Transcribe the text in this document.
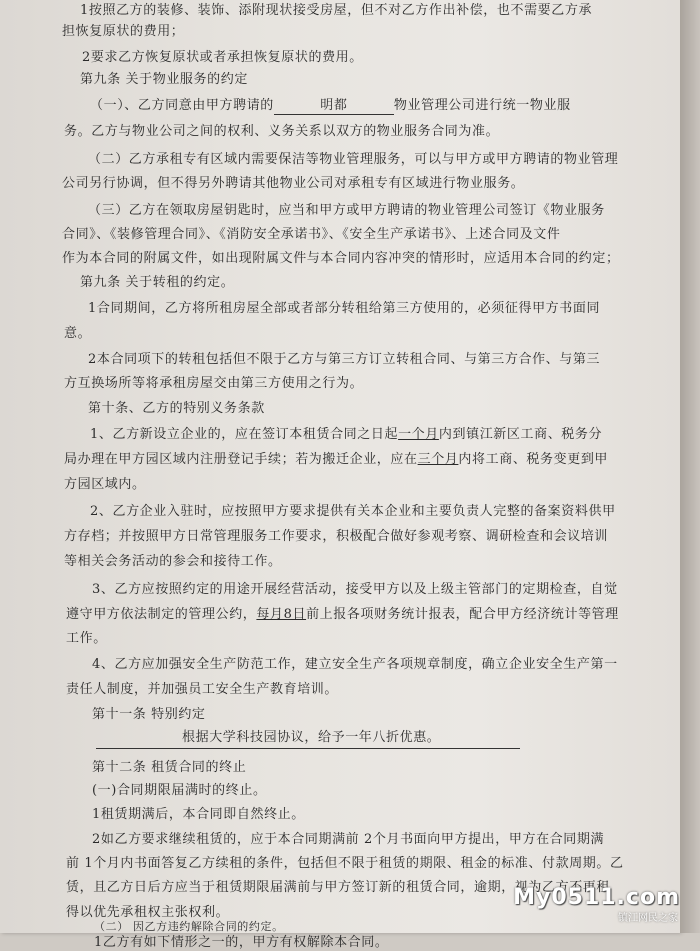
1按照乙方的装修、装饰、添附现状接受房屋，但不对乙方作出补偿，也不需要乙方承
担恢复原状的费用；
2要求乙方恢复原状或者承担恢复原状的费用。
第九条 关于物业服务的约定
（一）、乙方同意由甲方聘请的	明都	物业管理公司进行统一物业服
务。乙方与物业公司之间的权利、义务关系以双方的物业服务合同为准。
（二）乙方承租专有区域内需要保洁等物业管理服务，可以与甲方或甲方聘请的物业管理
公司另行协调，但不得另外聘请其他物业公司对承租专有区域进行物业服务。
（三）乙方在领取房屋钥匙时，应当和甲方或甲方聘请的物业管理公司签订《物业服务
合同》、《装修管理合同》、《消防安全承诺书》、《安全生产承诺书》、上述合同及文件
作为本合同的附属文件，如出现附属文件与本合同内容冲突的情形时，应适用本合同的约定；
第九条 关于转租的约定。
1合同期间，乙方将所租房屋全部或者部分转租给第三方使用的，必须征得甲方书面同
意。
2本合同项下的转租包括但不限于乙方与第三方订立转租合同、与第三方合作、与第三
方互换场所等将承租房屋交由第三方使用之行为。
第十条、乙方的特别义务条款
1、乙方新设立企业的，应在签订本租赁合同之日起一个月内到镇江新区工商、税务分
局办理在甲方园区域内注册登记手续；若为搬迁企业，应在三个月内将工商、税务变更到甲
方园区域内。
2、乙方企业入驻时，应按照甲方要求提供有关本企业和主要负责人完整的备案资料供甲
方存档；并按照甲方日常管理服务工作要求，积极配合做好参观考察、调研检查和会议培训
等相关会务活动的参会和接待工作。
3、乙方应按照约定的用途开展经营活动，接受甲方以及上级主管部门的定期检查，自觉
遵守甲方依法制定的管理公约，每月8日前上报各项财务统计报表，配合甲方经济统计等管理
工作。
4、乙方应加强安全生产防范工作，建立安全生产各项规章制度，确立企业安全生产第一
责任人制度，并加强员工安全生产教育培训。
第十一条 特别约定
根据大学科技园协议，给予一年八折优惠。
第十二条 租赁合同的终止
(一)合同期限届满时的终止。
1租赁期满后，本合同即自然终止。
2如乙方要求继续租赁的，应于本合同期满前 2个月书面向甲方提出，甲方在合同期满
前 1个月内书面答复乙方续租的条件，包括但不限于租赁的期限、租金的标准、付款周期。乙
赁，且乙方日后方应当于租赁期限届满前与甲方签订新的租赁合同，逾期，视为乙方不再租
得以优先承租权主张权利。
（二） 因乙方违约解除合同的约定。
1乙方有如下情形之一的，甲方有权解除本合同。
My0511.com
镇江网民之家
